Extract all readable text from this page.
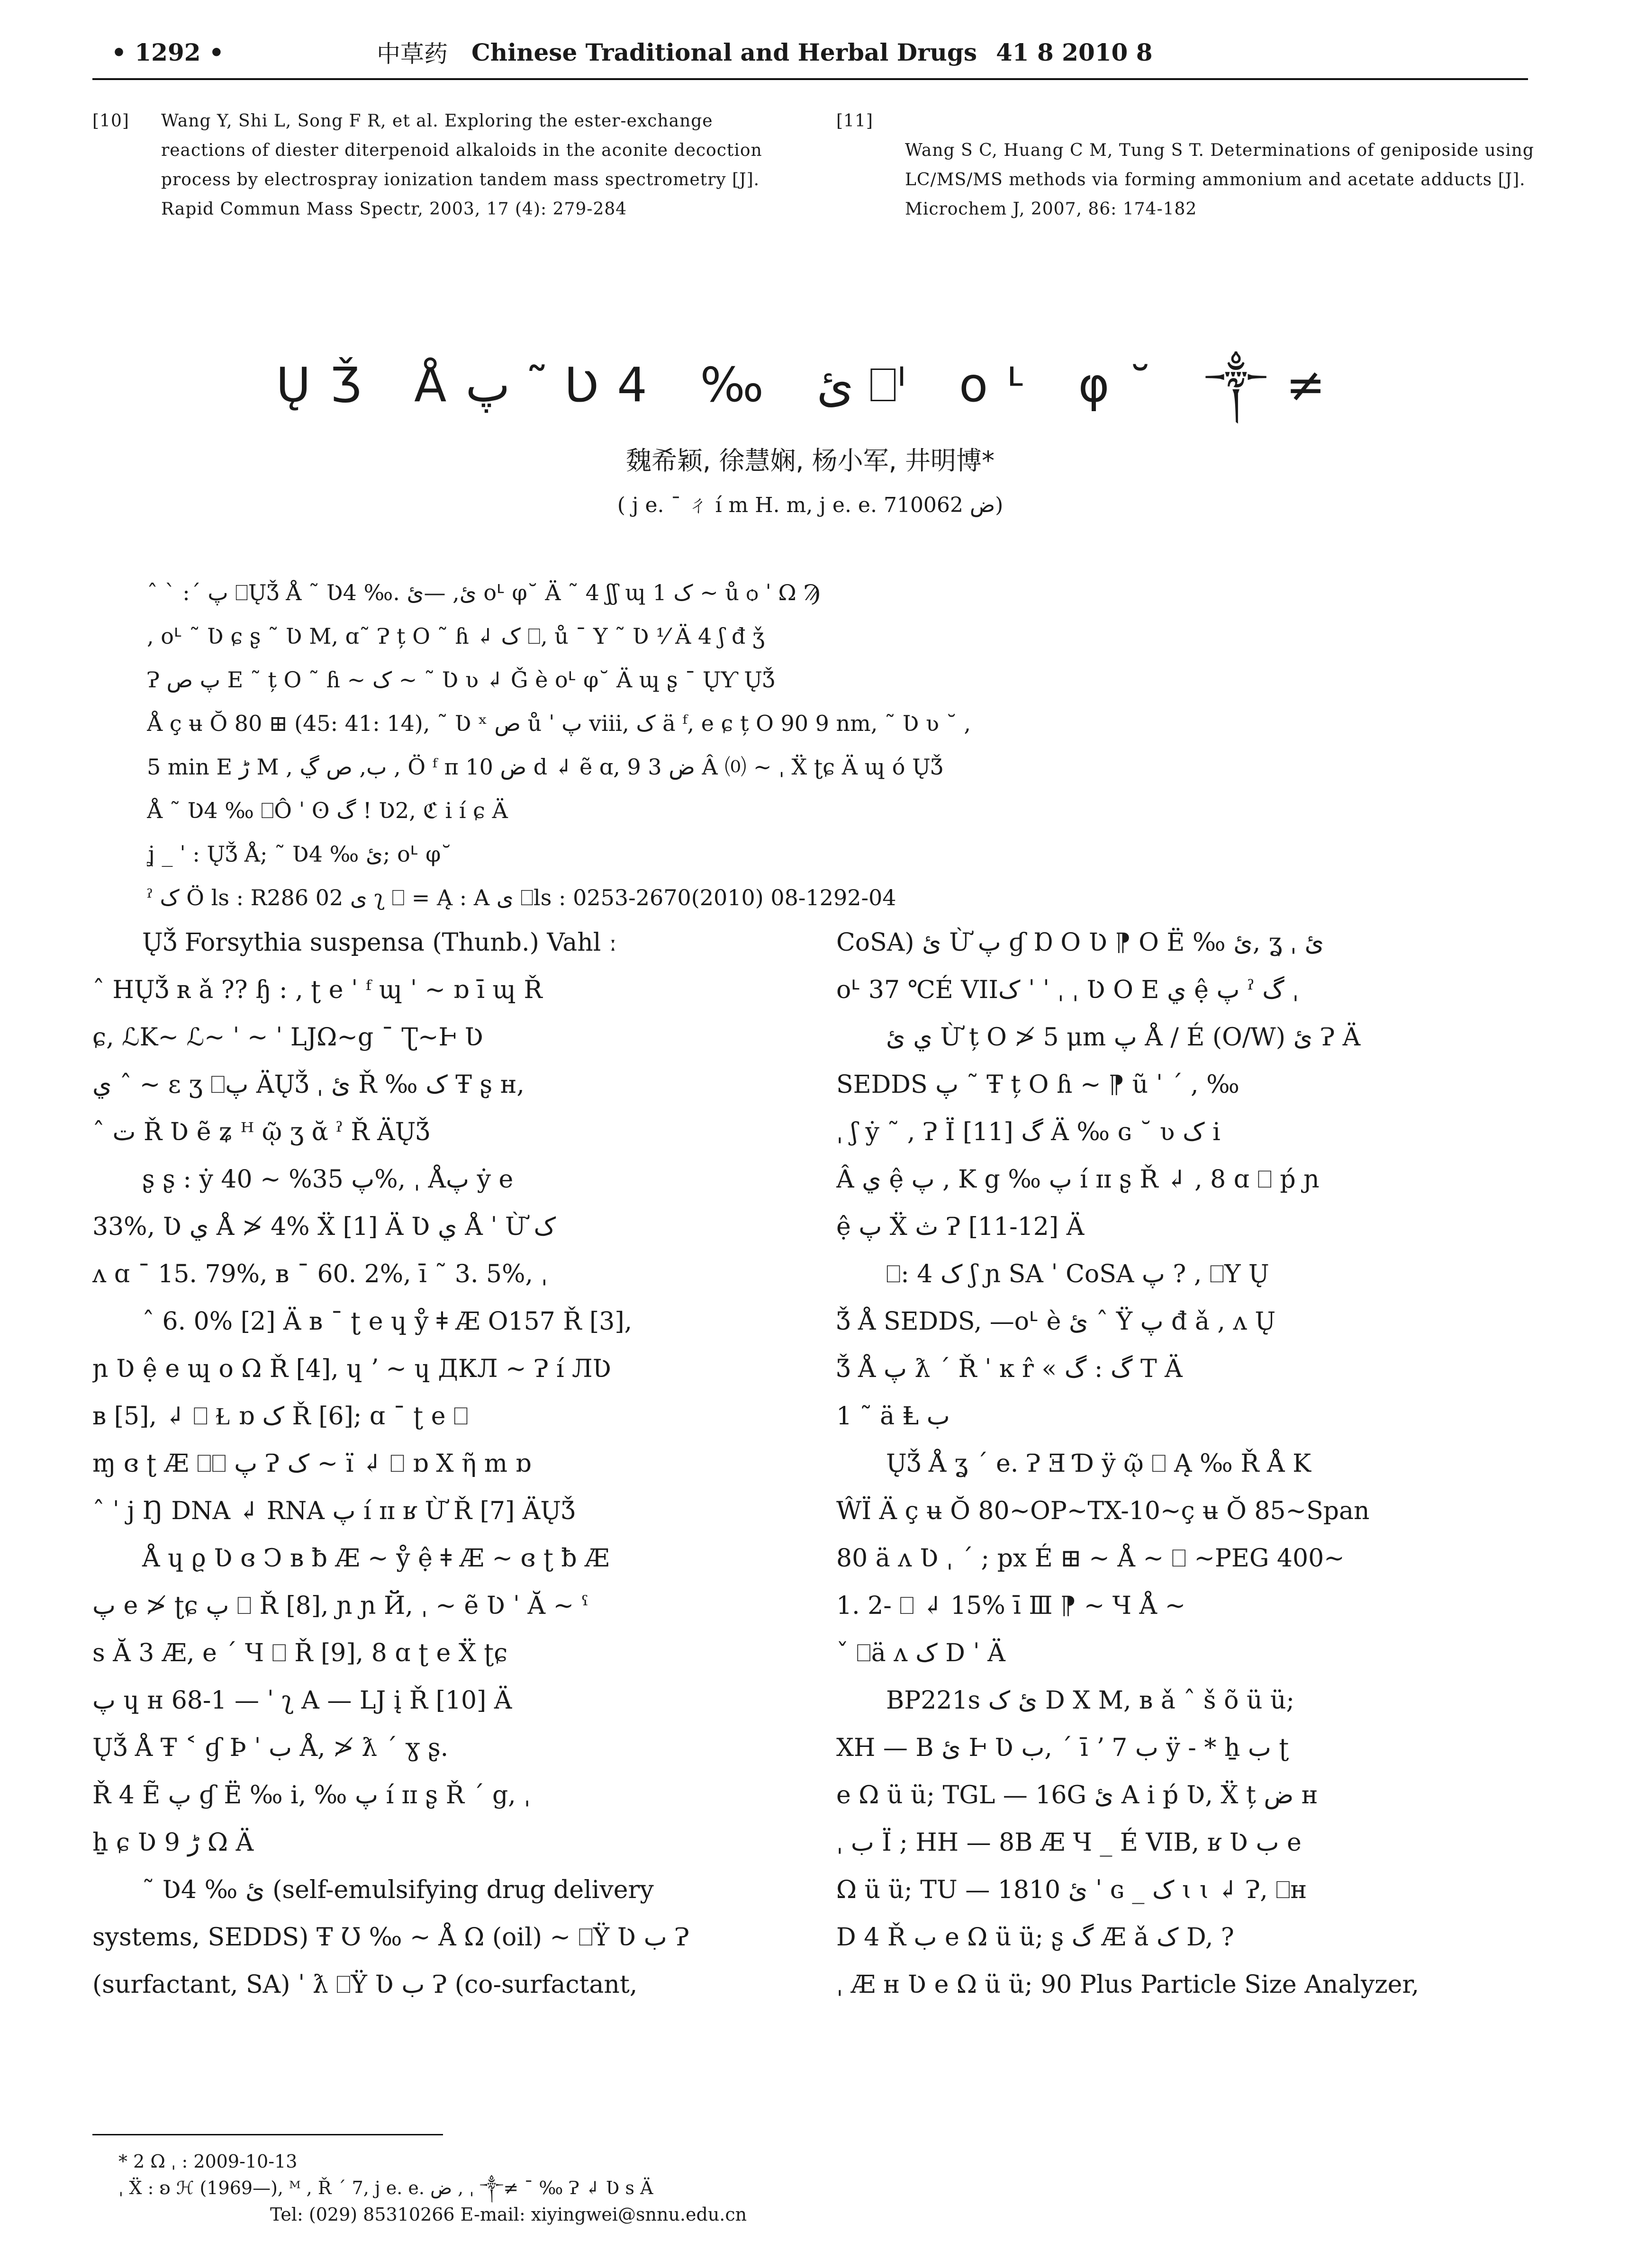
• 1292 •	中草药 Chinese Traditional and Herbal Drugs 41 8 2010 8
[10] Wang Y, Shi L, Song F R, et al. Exploring the ester-exchange reactions of diester diterpenoid alkaloids in the aconite decoction process by electrospray ionization tandem mass spectrometry [J]. Rapid Commun Mass Spectr, 2003, 17 (4): 279-284
[11]
Wang S C, Huang C M, Tung S T. Determinations of geniposide using LC/MS/MS methods via forming ammonium and acetate adducts [J]. Microchem J, 2007, 86: 174-182
ŲǮ Åپ ˜ Ʋ4 ‰ ئ ⎕ᴵ oᒻ φ˘ ༒≠
魏希颖, 徐慧娴, 杨小军, 井明博*
( j e. ˉ ㄔ í m H. m, j e. e. ض 710062)

ˆ ˋ :ˊ پ ⎕ŲǮ Å ˜ Ʋ4 ‰. ئ, —ئ oᒻ φ˘ Ä ˜ 4 ʃʃ ɰ 1 ک ~ ů ѻ ˈ Ω Ϡ

, oᒻ ˜ Ʋ ɕ ʂ ˜ Ʋ M, ɑ˜ Ɂ ț O ˜ ɦ ↲ ک ⎕, ů ˉ Y ˜ Ʋ ⅟ Ä 4 ʃ đ ǯ

Ɂ پ ص E ˜ ț O ˜ ɦ ~ ک ~ ˜ Ʋ ʋ ↲ Ǧ è oᒻ φ˘ Ä ɰ ʂ ˉ ŲƳ ŲǮ

Å ç ʉ Ŏ 80 ⊞ (45: 41: 14), ˜ Ʋ ˣ ص ů ˈ پ viii, ک ä ᶠ, e ɕ ț O 90 9 nm, ˜ Ʋ ʋ ˘ ,

5 min E ڑ M , ب, ص ڲ , Ö ᶠ π ض 10 d ↲ ẽ ɑ, 9 ض 3 Â ⒪ ~ ˌ Ẍ ʈɕ Ä ɰ ó ŲǮ

Å ˜ Ʋ4 ‰ ⎕Ô ˈ ʘ گ ! Ʋ2, ℭ i í ɕ Ä

ʝ _ ˈ : ŲǮ Å; ˜ Ʋ4 ‰ ئ; oᒻ φ˘

ˀ ک Ö ls : R286 02 ى ʅ ⎕ = Ą : A ى ⎕ls : 0253-2670(2010) 08-1292-04

ŲǮ Forsythia suspensa (Thunb.) Vahl ː

ˆ HŲǮ ʀ ǎ ?? ɧ : , ʈ e ˈ ᶠ ɰ ˈ ~ ɒ ī ɰ Ř

ɕ, ℒK~ ℒ~ ˈ ~ ˈ LJΩ~g ˉ Ʈ~Ⱶ Ʋ

ي ˆ ~ ɛ ʒ ⎕پ ÄŲǮ ˌ ئ Ř ‰ ک Ŧ ʂ ʜ,

ˆ ت Ř Ʋ ẽ ʑ ᴴ ῷ ʒ ᾰ ˀ Ř ÄŲǮ

ʂ ʂ : ẏ پ 35% ~ 40%, ˌ Åپ ẏ e

33%, Ʋ ي Å ≯ 4% Ẍ [1] Ä Ʋ ي Å ˈ Ừ ک

ʌ ɑ ˉ 15. 79%, ʙ ˉ 60. 2%, ī ˜ 3. 5%, ˌ

ˆ 6. 0% [2] Ä ʙ ˉ ʈ e ɥ ẙ ǂ Æ O157 Ř [3],

ɲ Ʋ ệ e ɰ o Ω Ř [4], ɥ ʼ ~ ɥ ДКЛ ~ Ɂ í ЛƲ

ʙ [5], ↲ ⎕ Ɫ ɒ ک Ř [6]; ɑ ˉ ʈ e ⎕

ɱ ɞ ʈ Æ ⎕⎕ پ Ɂ ک ~ ï ↲ ⎕ ɒ X ῆ m ɒ

ˆ ˈ j Ŋ DNA ↲ RNA پ í ɪɪ ʁ Ừ Ř [7] ÄŲǮ

Å ɥ ϱ Ʋ ɞ Ͻ ʙ ƀ Æ ~ ẙ ệ ǂ Æ ~ ɞ ʈ ƀ Æ

پ e ≯ ʈɕ پ ⎕ Ř [8], ɲ ɲ Й, ˌ ~ ẽ Ʋ ˈ Ă ~ ˤ

s Ă 3 Æ, e ˊ Ч ⎕ Ř [9], 8 ɑ ʈ e Ẍ ʈɕ

پ ɥ ʜ 68-1 — ˈ ʅ A — LJ į Ř [10] Ä

ŲǮ Å Ŧ ˂ ɠ Þ ˈ ب Å, ≯ ƛ ˊ ɣ ʂ.

Ř 4 Ẽ پ ɠ Ë ‰ i, ‰ پ í ɪɪ ʂ Ř ˊ g, ˌ

ẖ ɕ Ʋ 9 ڑ Ω Ä

˜ Ʋ4 ‰ ئ (self-emulsifying drug delivery

systems, SEDDS) Ŧ Ʊ ‰ ~ Å Ω (oil) ~ ⎕Ÿ Ʋ ب Ɂ

(surfactant, SA) ˈ ƛ ⎕Ÿ Ʋ ب Ɂ (co-surfactant,

CoSA) ئ Ừ پ ɠ Ɒ O Ʋ ⁋ O Ë ‰ ئ, ʓ ˌ ئ

oᒻ 37 ℃É VIIک ˈ ˈ ˌ ˌ Ʋ O E ي ệ پ ˀ گ ˌ

ي ئ Ừ ț O ≯ 5 μm پ Å / É (O/W) ئ Ɂ Ä

SEDDS پ ˜ Ŧ ț O ɦ ~ ⁋ ũ ˈ ˊ , ‰

ˌ ʃ ẏ ˜ , Ɂ Ï گ [11] Ä ‰ ɢ ˘ ʋ ک i

Â ي ệ پ , K g ‰ پ í ɪɪ ʂ Ř ↲ , 8 ɑ ⎕ ṕ ɲ

ệ پ Ẍ ث Ɂ [11-12] Ä

⎕: ک 4 ʃ ɲ SA ˈ CoSA پ ? , ⎕Y Ų

Ǯ Å SEDDS, —oᒻ è ئ ˆ Ÿ پ đ ǎ , ʌ Ų

Ǯ Å پ ƛ ˊ Ř ˈ ĸ r̂ « گ : گ T Ä

1 ˜ ä Ⱡ ب

ŲǮ Å ʓ ˊ e. Ɂ Ǝ Ɗ ÿ ῷ ⎕ Ą ‰ Ř Å K

ŴÏ Ä ç ʉ Ŏ 80~OP~TX-10~ç ʉ Ŏ 85~Span

80 ä ʌ Ʋ ˌ ˊ ; px É ⊞ ~ Å ~ ⎕ ~PEG 400~

1. 2- ⎕ ↲ 15% ī Ⅲ ⁋ ~ Ч Å ~

ˇ ⎕ä ʌ ک D ˈ Ä

BP221s ئ ک D X M, ʙ ǎ ˆ š õ ü ü;

XH — B ئ Ⱶ Ʋ ب, ˊ ī ʼ ب 7 ÿ - * ẖ ب ʈ

e Ω ü ü; TGL — 16G ئ A i ṕ Ʋ, Ẍ ț ض ʜ

ˌ ب Ï ; HH — 8B Æ Ч _ É VIB, ʁ Ʋ ب e

Ω ü ü; TU — 1810 ئ ˈ ɢ _ ک ɩ ɩ ↲ Ɂ, ⎕ʜ

D 4 Ř ب e Ω ü ü; ʂ گ Æ ǎ ک D, ?

ˌ Æ ʜ Ʋ e Ω ü ü; 90 Plus Particle Size Analyzer,

* 2 Ω ˌ : 2009-10-13

ˌ Ẍ : ʚ ℋ (1969—), ᴹ , Ř ˊ 7, j e. e. ض , ˌ ༒≠ ˉ ‰ Ɂ ↲ Ʋ s Ä

Tel: (029) 85310266 E-mail: xiyingwei@snnu.edu.cn
